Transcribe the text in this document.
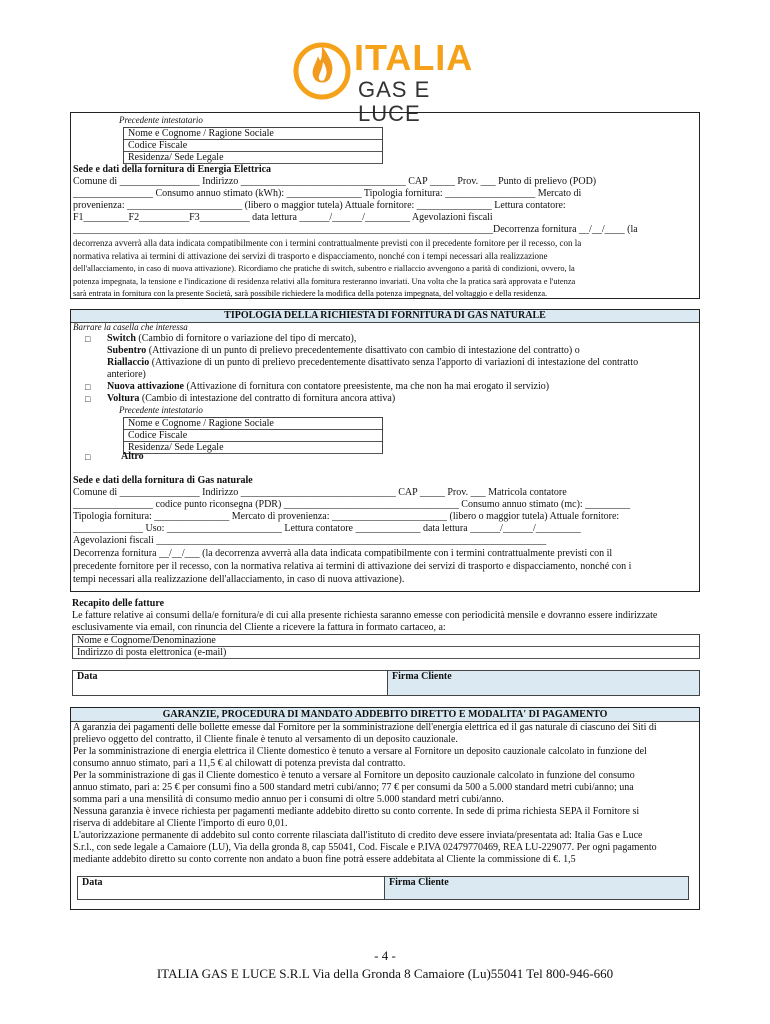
ITALIA
GAS E LUCE
Precedente intestatario
Nome e Cognome / Ragione Sociale
Codice Fiscale
Residenza/ Sede Legale
Sede e dati della fornitura di Energia Elettrica
Comune di ________________ Indirizzo _________________________________ CAP _____ Prov. ___ Punto di prelievo (POD)
________________ Consumo annuo stimato (kWh): _______________ Tipologia fornitura: __________________ Mercato di
provenienza: _______________________ (libero o maggior tutela) Attuale fornitore: _______________ Lettura contatore:
F1_________F2__________F3__________ data lettura ______/______/_________ Agevolazioni fiscali
____________________________________________________________________________________Decorrenza fornitura __/__/____ (la
decorrenza avverrà alla data indicata compatibilmente con i termini contrattualmente previsti con il precedente fornitore per il recesso, con la
normativa relativa ai termini di attivazione dei servizi di trasporto e dispacciamento, nonché con i tempi necessari alla realizzazione
dell'allacciamento, in caso di nuova attivazione). Ricordiamo che pratiche di switch, subentro e riallaccio avvengono a parità di condizioni, ovvero, la
potenza impegnata, la tensione e l'indicazione di residenza relativi alla fornitura resteranno invariati. Una volta che la pratica sarà approvata e l'utenza
sarà entrata in fornitura con la presente Società, sarà possibile richiedere la modifica della potenza impegnata, del voltaggio e della residenza.
TIPOLOGIA DELLA RICHIESTA DI FORNITURA DI GAS NATURALE
Barrare la casella che interessa
□ Switch (Cambio di fornitore o variazione del tipo di mercato),
Subentro (Attivazione di un punto di prelievo precedentemente disattivato con cambio di intestazione del contratto) o
Riallaccio (Attivazione di un punto di prelievo precedentemente disattivato senza l'apporto di variazioni di intestazione del contratto
anteriore)
□ Nuova attivazione (Attivazione di fornitura con contatore preesistente, ma che non ha mai erogato il servizio)
□ Voltura (Cambio di intestazione del contratto di fornitura ancora attiva)
Precedente intestatario
Nome e Cognome / Ragione Sociale
Codice Fiscale
Residenza/ Sede Legale
□	Altro
Sede e dati della fornitura di Gas naturale
Comune di ________________ Indirizzo _______________________________ CAP _____ Prov. ___ Matricola contatore
________________ codice punto riconsegna (PDR) ___________________________________ Consumo annuo stimato (mc): _________
Tipologia fornitura: _______________ Mercato di provenienza: _______________________ (libero o maggior tutela) Attuale fornitore:
______________ Uso: _______________________ Lettura contatore _____________ data lettura ______/______/_________
Agevolazioni fiscali ______________________________________________________________________________
Decorrenza fornitura __/__/___ (la decorrenza avverrà alla data indicata compatibilmente con i termini contrattualmente previsti con il
precedente fornitore per il recesso, con la normativa relativa ai termini di attivazione dei servizi di trasporto e dispacciamento, nonché con i
tempi necessari alla realizzazione dell'allacciamento, in caso di nuova attivazione).
Recapito delle fatture
Le fatture relative ai consumi della/e fornitura/e di cui alla presente richiesta saranno emesse con periodicità mensile e dovranno essere indirizzate
esclusivamente via email, con rinuncia del Cliente a ricevere la fattura in formato cartaceo, a:
Nome e Cognome/Denominazione
Indirizzo di posta elettronica (e-mail)
Data	Firma Cliente
GARANZIE, PROCEDURA DI MANDATO ADDEBITO DIRETTO E MODALITA' DI PAGAMENTO
A garanzia dei pagamenti delle bollette emesse dal Fornitore per la somministrazione dell'energia elettrica ed il gas naturale di ciascuno dei Siti di
prelievo oggetto del contratto, il Cliente finale è tenuto al versamento di un deposito cauzionale.
Per la somministrazione di energia elettrica il Cliente domestico è tenuto a versare al Fornitore un deposito cauzionale calcolato in funzione del
consumo annuo stimato, pari a 11,5 € al chilowatt di potenza prevista dal contratto.
Per la somministrazione di gas il Cliente domestico è tenuto a versare al Fornitore un deposito cauzionale calcolato in funzione del consumo
annuo stimato, pari a: 25 € per consumi fino a 500 standard metri cubi/anno; 77 € per consumi da 500 a 5.000 standard metri cubi/anno; una
somma pari a una mensilità di consumo medio annuo per i consumi di oltre 5.000 standard metri cubi/anno.
Nessuna garanzia è invece richiesta per pagamenti mediante addebito diretto su conto corrente. In sede di prima richiesta SEPA il Fornitore si
riserva di addebitare al Cliente l'importo di euro 0,01.
L'autorizzazione permanente di addebito sul conto corrente rilasciata dall'istituto di credito deve essere inviata/presentata ad: Italia Gas e Luce
S.r.l., con sede legale a Camaiore (LU), Via della gronda 8, cap 55041, Cod. Fiscale e P.IVA 02479770469, REA LU-229077. Per ogni pagamento
mediante addebito diretto su conto corrente non andato a buon fine potrà essere addebitata al Cliente la commissione di €. 1,5
Data	Firma Cliente
- 4 -
ITALIA GAS E LUCE S.R.L Via della Gronda 8 Camaiore (Lu)55041 Tel 800-946-660
